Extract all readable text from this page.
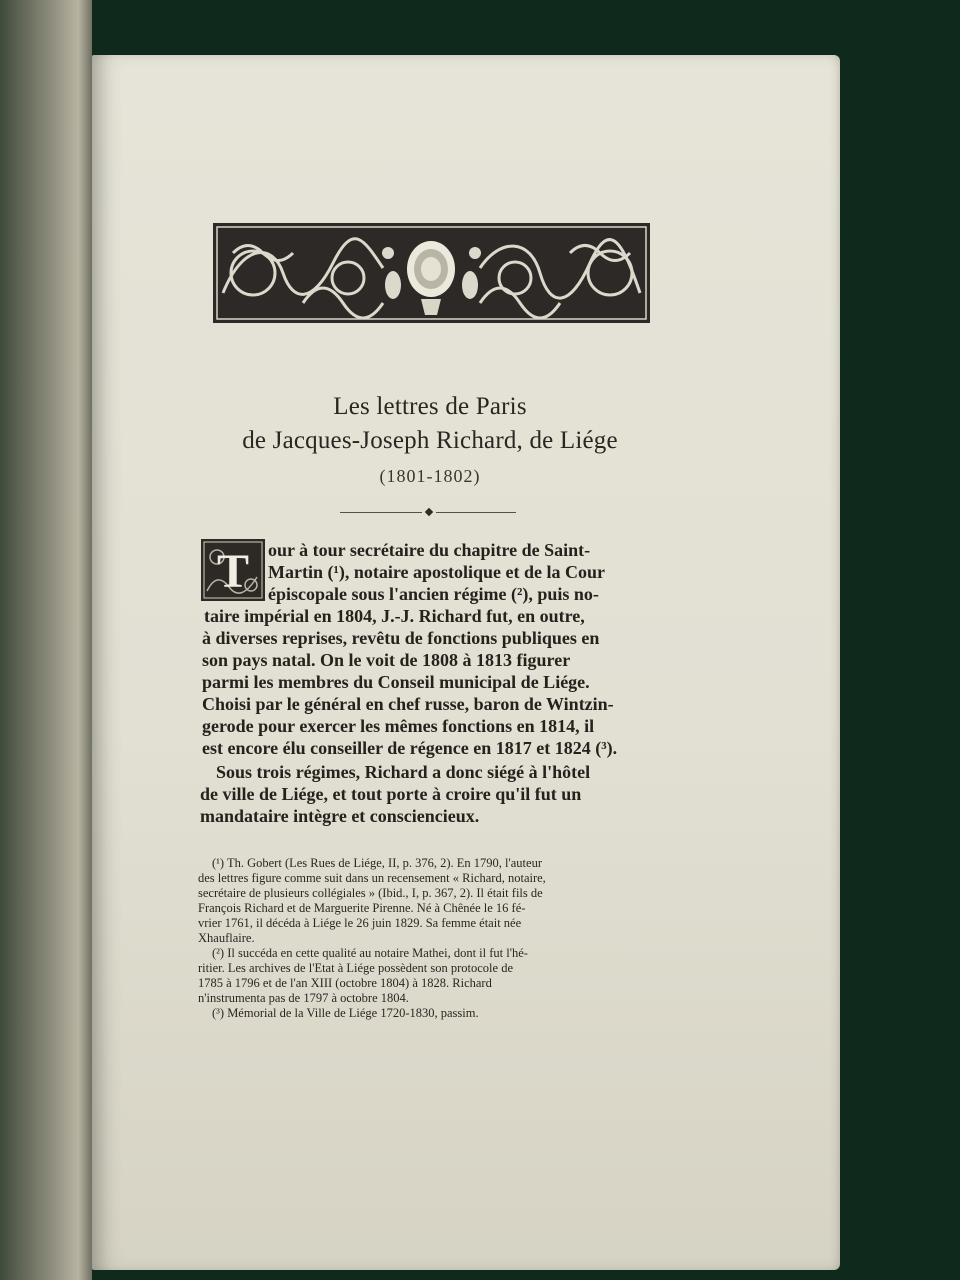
Les lettres de Paris
de Jacques-Joseph Richard, de Liége
(1801-1802)
T our à tour secrétaire du chapitre de Saint-
Martin (¹), notaire apostolique et de la Cour
épiscopale sous l'ancien régime (²), puis no-
taire impérial en 1804, J.-J. Richard fut, en outre,
à diverses reprises, revêtu de fonctions publiques en
son pays natal. On le voit de 1808 à 1813 figurer
parmi les membres du Conseil municipal de Liége.
Choisi par le général en chef russe, baron de Wintzin-
gerode pour exercer les mêmes fonctions en 1814, il
est encore élu conseiller de régence en 1817 et 1824 (³).
Sous trois régimes, Richard a donc siégé à l'hôtel
de ville de Liége, et tout porte à croire qu'il fut un
mandataire intègre et consciencieux.
(¹) Th. Gobert (Les Rues de Liége, II, p. 376, 2). En 1790, l'auteur
des lettres figure comme suit dans un recensement « Richard, notaire,
secrétaire de plusieurs collégiales » (Ibid., I, p. 367, 2). Il était fils de
François Richard et de Marguerite Pirenne. Né à Chênée le 16 fé-
vrier 1761, il décéda à Liége le 26 juin 1829. Sa femme était née
Xhauflaire.
(²) Il succéda en cette qualité au notaire Mathei, dont il fut l'hé-
ritier. Les archives de l'Etat à Liége possèdent son protocole de
1785 à 1796 et de l'an XIII (octobre 1804) à 1828. Richard
n'instrumenta pas de 1797 à octobre 1804.
(³) Mémorial de la Ville de Liége 1720-1830, passim.
